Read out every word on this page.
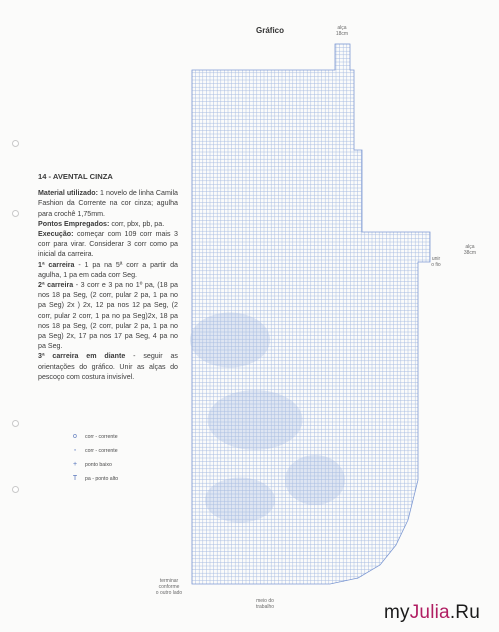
Gráfico	alça
18cm
alça
38cm
unir
o fio
terminar
conforme
o outro lado
meio do
trabalho
14 - AVENTAL CINZA

Material utilizado: 1 novelo de linha Camila Fashion da Corrente na cor cinza; agulha para crochê 1,75mm.

Pontos Empregados: corr, pbx, pb, pa.

Execução: começar com 109 corr mais 3 corr para virar. Considerar 3 corr como pa inicial da carreira.

1ª carreira - 1 pa na 5ª corr a partir da agulha, 1 pa em cada corr Seg.

2ª carreira - 3 corr e 3 pa no 1º pa, (18 pa nos 18 pa Seg, (2 corr, pular 2 pa, 1 pa no pa Seg) 2x ) 2x, 12 pa nos 12 pa Seg, (2 corr, pular 2 corr, 1 pa no pa Seg)2x, 18 pa nos 18 pa Seg, (2 corr, pular 2 pa, 1 pa no pa Seg) 2x, 17 pa nos 17 pa Seg, 4 pa no pa Seg.

3ª carreira em diante - seguir as orientações do gráfico. Unir as alças do pescoço com costura invisível.

o	corr - corrente
◦	corr - corrente
+	ponto baixo
T	pa - ponto alto
myJulia.Ru
